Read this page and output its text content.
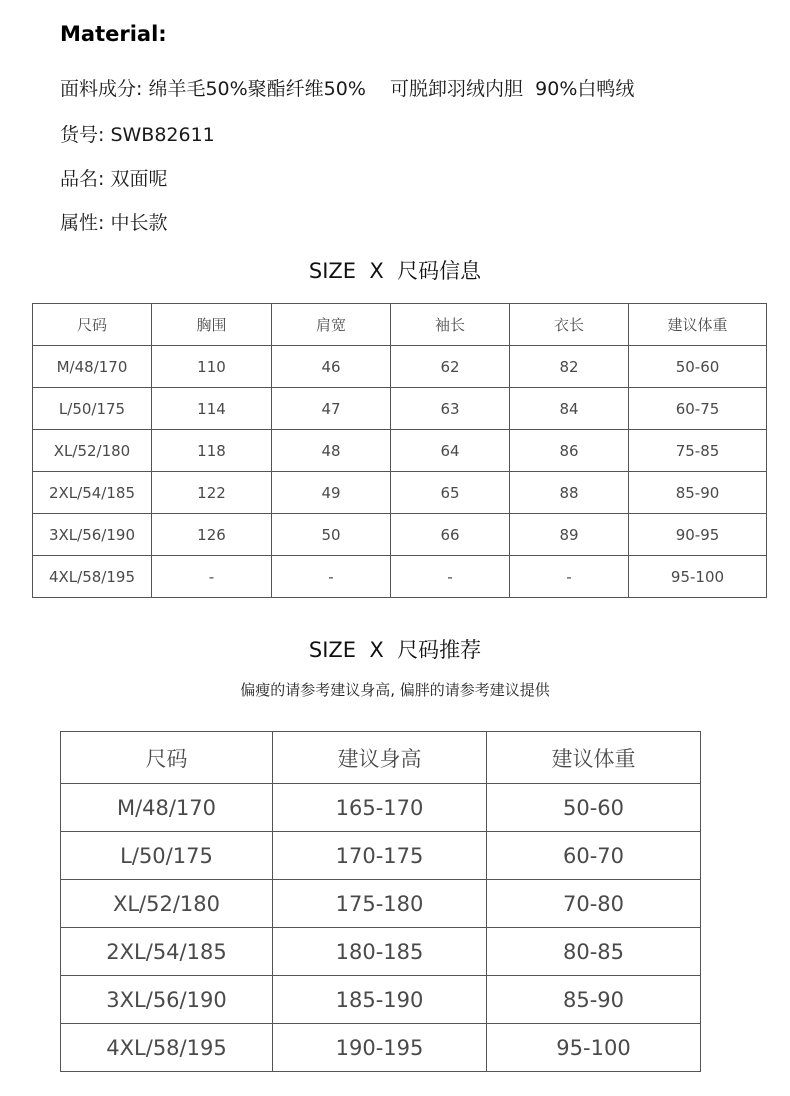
Material:
面料成分: 绵羊毛50%聚酯纤维50%    可脱卸羽绒内胆  90%白鸭绒
货号: SWB82611
品名: 双面呢
属性: 中长款
SIZE  X  尺码信息
尺码	胸围	肩宽	袖长	衣长	建议体重
M/48/170	110	46	62	82	50-60
L/50/175	114	47	63	84	60-75
XL/52/180	118	48	64	86	75-85
2XL/54/185	122	49	65	88	85-90
3XL/56/190	126	50	66	89	90-95
4XL/58/195	-	-	-	-	95-100
SIZE  X  尺码推荐
偏瘦的请参考建议身高, 偏胖的请参考建议提供
尺码	建议身高	建议体重
M/48/170	165-170	50-60
L/50/175	170-175	60-70
XL/52/180	175-180	70-80
2XL/54/185	180-185	80-85
3XL/56/190	185-190	85-90
4XL/58/195	190-195	95-100
